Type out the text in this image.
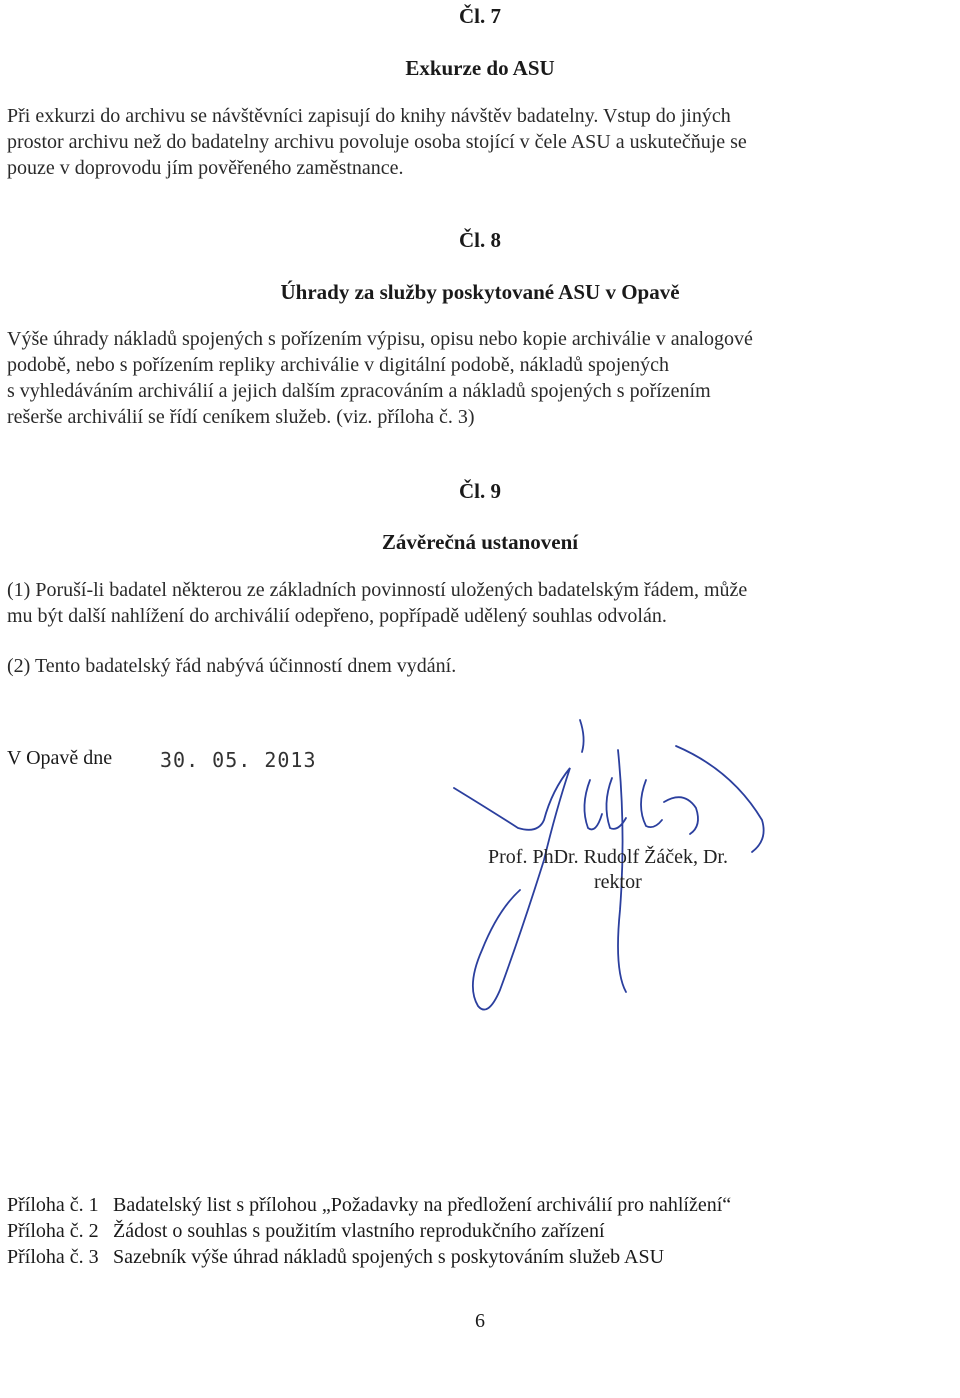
Čl. 7
Exkurze do ASU
Při exkurzi do archivu se návštěvníci zapisují do knihy návštěv badatelny. Vstup do jiných
prostor archivu než do badatelny archivu povoluje osoba stojící v čele ASU a uskutečňuje se
pouze v doprovodu jím pověřeného zaměstnance.
Čl. 8
Úhrady za služby poskytované ASU v Opavě
Výše úhrady nákladů spojených s pořízením výpisu, opisu nebo kopie archiválie v analogové
podobě, nebo s pořízením repliky archiválie v digitální podobě, nákladů spojených
s vyhledáváním archiválií a jejich dalším zpracováním a nákladů spojených s pořízením
rešerše archiválií se řídí ceníkem služeb. (viz. příloha č. 3)
Čl. 9
Závěrečná ustanovení
(1) Poruší-li badatel některou ze základních povinností uložených badatelským řádem, může
mu být další nahlížení do archiválií odepřeno, popřípadě udělený souhlas odvolán.
(2) Tento badatelský řád nabývá účinností dnem vydání.
V Opavě dne 30. 05. 2013
Prof. PhDr. Rudolf Žáček, Dr.
rektor
Příloha č. 1 Badatelský list s přílohou „Požadavky na předložení archiválií pro nahlížení“
Příloha č. 2 Žádost o souhlas s použitím vlastního reprodukčního zařízení
Příloha č. 3 Sazebník výše úhrad nákladů spojených s poskytováním služeb ASU
6
